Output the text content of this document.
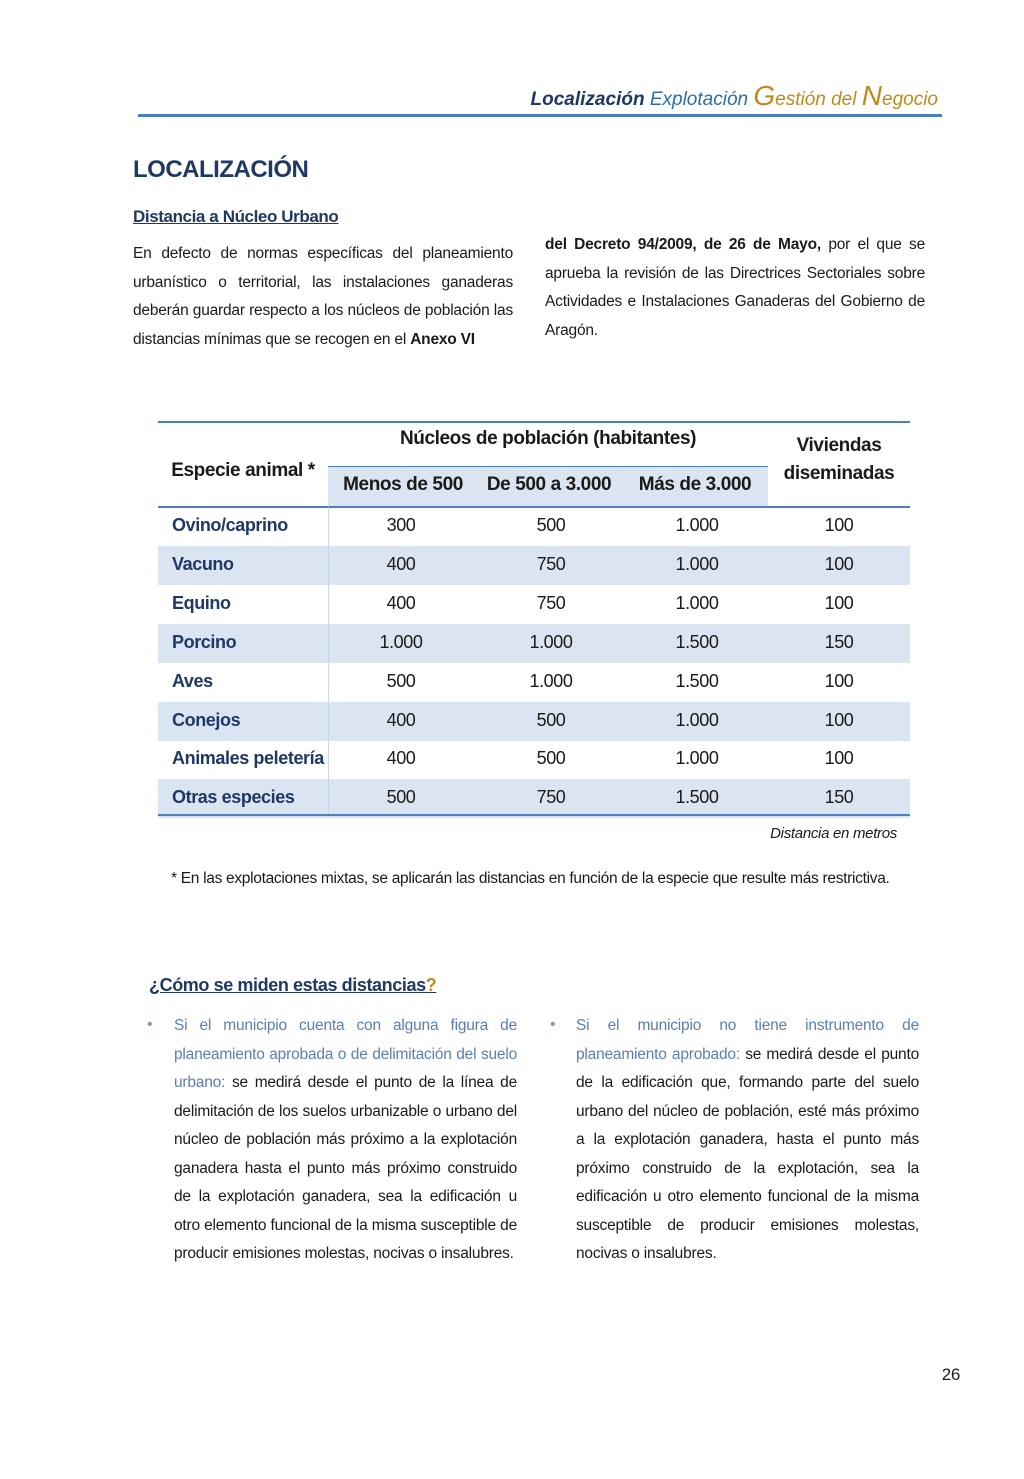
Localización Explotación Gestión del Negocio
LOCALIZACIÓN
Distancia a Núcleo Urbano
En defecto de normas específicas del planeamiento urbanístico o territorial, las instalaciones ganaderas deberán guardar respecto a los núcleos de población las distancias mínimas que se recogen en el Anexo VI
del Decreto 94/2009, de 26 de Mayo, por el que se aprueba la revisión de las Directrices Sectoriales sobre Actividades e Instalaciones Ganaderas del Gobierno de Aragón.
Núcleos de población (habitantes)
Especie animal *
Viviendas diseminadas
Menos de 500	De 500 a 3.000	Más de 3.000
Ovino/caprino	300	500	1.000	100
Vacuno	400	750	1.000	100
Equino	400	750	1.000	100
Porcino	1.000	1.000	1.500	150
Aves	500	1.000	1.500	100
Conejos	400	500	1.000	100
Animales peletería	400	500	1.000	100
Otras especies	500	750	1.500	150
Distancia en metros
* En las explotaciones mixtas, se aplicarán las distancias en función de la especie que resulte más restrictiva.
¿Cómo se miden estas distancias?
• Si el municipio cuenta con alguna figura de planeamiento aprobada o de delimitación del suelo urbano: se medirá desde el punto de la línea de delimitación de los suelos urbanizable o urbano del núcleo de población más próximo a la explotación ganadera hasta el punto más próximo construido de la explotación ganadera, sea la edificación u otro elemento funcional de la misma susceptible de producir emisiones molestas, nocivas o insalubres.
• Si el municipio no tiene instrumento de planeamiento aprobado: se medirá desde el punto de la edificación que, formando parte del suelo urbano del núcleo de población, esté más próximo a la explotación ganadera, hasta el punto más próximo construido de la explotación, sea la edificación u otro elemento funcional de la misma susceptible de producir emisiones molestas, nocivas o insalubres.
26
